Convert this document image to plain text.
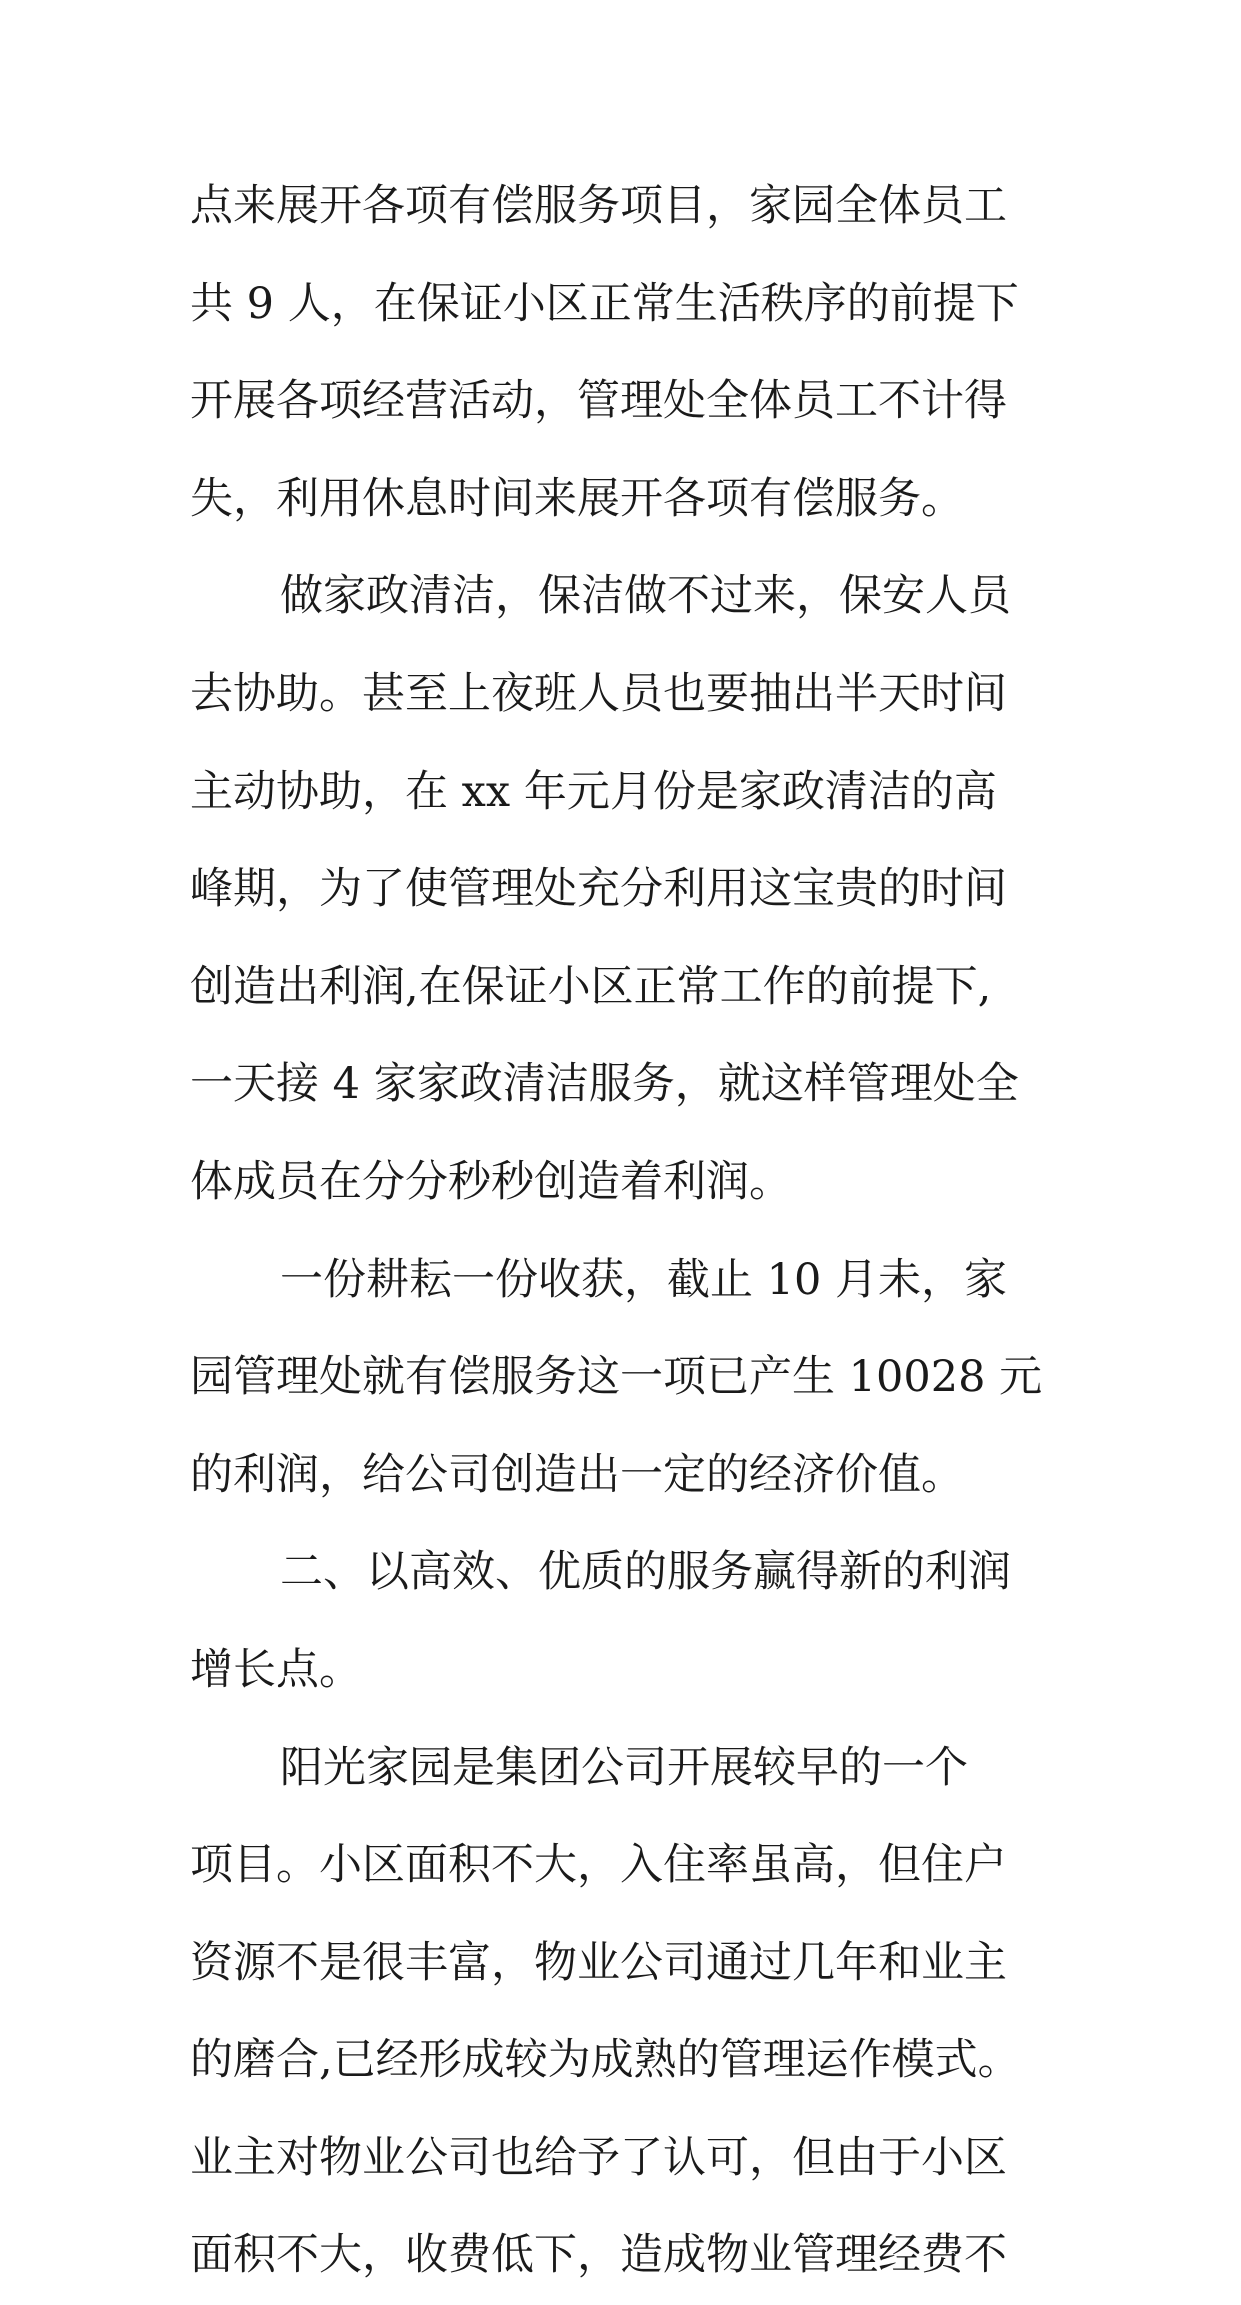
点来展开各项有偿服务项目，家园全体员工
共 9 人，在保证小区正常生活秩序的前提下
开展各项经营活动，管理处全体员工不计得
失，利用休息时间来展开各项有偿服务。
做家政清洁，保洁做不过来，保安人员
去协助。甚至上夜班人员也要抽出半天时间
主动协助，在 xx 年元月份是家政清洁的高
峰期，为了使管理处充分利用这宝贵的时间
创造出利润,在保证小区正常工作的前提下,
一天接 4 家家政清洁服务，就这样管理处全
体成员在分分秒秒创造着利润。
一份耕耘一份收获，截止 10 月未，家
园管理处就有偿服务这一项已产生 10028 元
的利润，给公司创造出一定的经济价值。
二、以高效、优质的服务赢得新的利润
增长点。
阳光家园是集团公司开展较早的一个
项目。小区面积不大，入住率虽高，但住户
资源不是很丰富，物业公司通过几年和业主
的磨合,已经形成较为成熟的管理运作模式。
业主对物业公司也给予了认可，但由于小区
面积不大，收费低下，造成物业管理经费不
